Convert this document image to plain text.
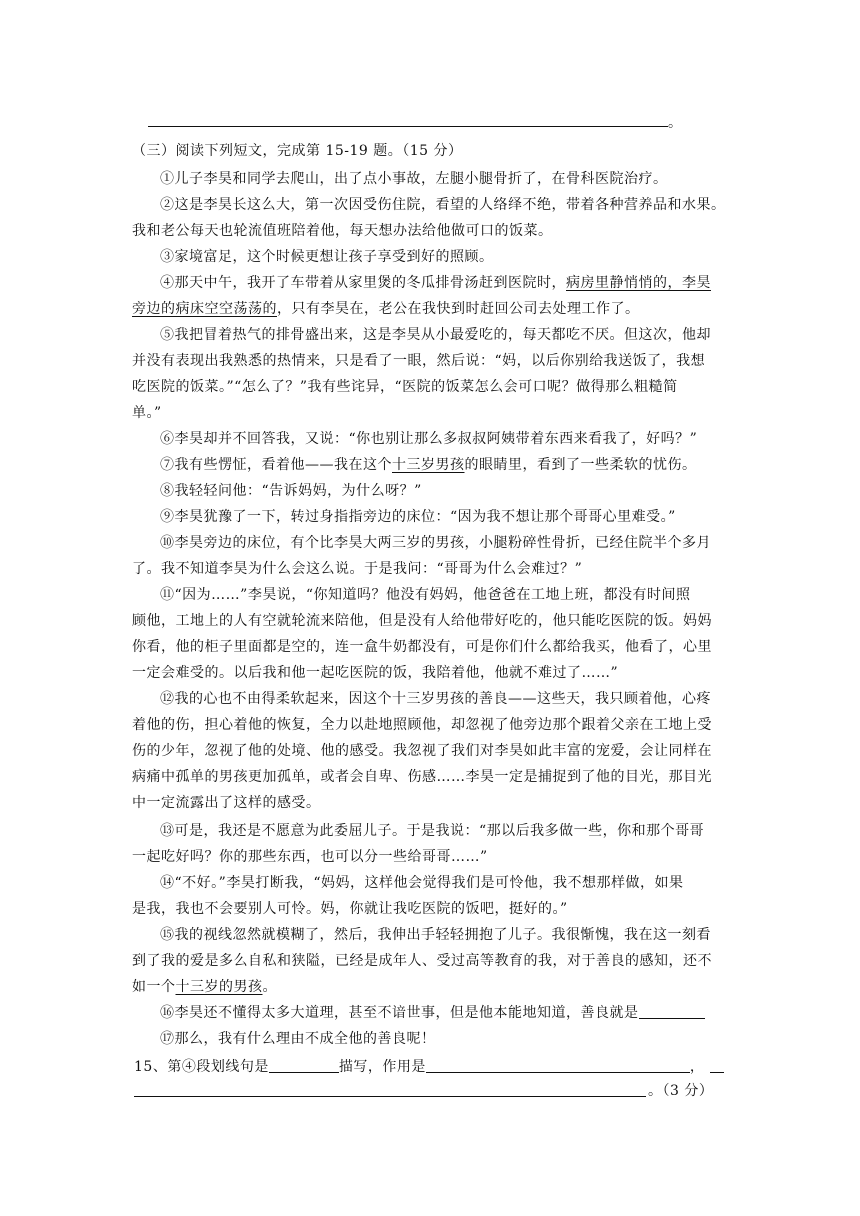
。
（三）阅读下列短文，完成第 15-19 题。（15 分）
①儿子李昊和同学去爬山，出了点小事故，左腿小腿骨折了，在骨科医院治疗。
②这是李昊长这么大，第一次因受伤住院，看望的人络绎不绝，带着各种营养品和水果。
我和老公每天也轮流值班陪着他，每天想办法给他做可口的饭菜。
③家境富足，这个时候更想让孩子享受到好的照顾。
④那天中午，我开了车带着从家里煲的冬瓜排骨汤赶到医院时，病房里静悄悄的，李昊
旁边的病床空空荡荡的，只有李昊在，老公在我快到时赶回公司去处理工作了。
⑤我把冒着热气的排骨盛出来，这是李昊从小最爱吃的，每天都吃不厌。但这次，他却
并没有表现出我熟悉的热情来，只是看了一眼，然后说：“妈，以后你别给我送饭了，我想
吃医院的饭菜。”“怎么了？”我有些诧异，“医院的饭菜怎么会可口呢？做得那么粗糙简
单。”
⑥李昊却并不回答我，又说：“你也别让那么多叔叔阿姨带着东西来看我了，好吗？”
⑦我有些愣怔，看着他——我在这个十三岁男孩的眼睛里，看到了一些柔软的忧伤。
⑧我轻轻问他：“告诉妈妈，为什么呀？”
⑨李昊犹豫了一下，转过身指指旁边的床位：“因为我不想让那个哥哥心里难受。”
⑩李昊旁边的床位，有个比李昊大两三岁的男孩，小腿粉碎性骨折，已经住院半个多月
了。我不知道李昊为什么会这么说。于是我问：“哥哥为什么会难过？”
⑪“因为……”李昊说，“你知道吗？他没有妈妈，他爸爸在工地上班，都没有时间照
顾他，工地上的人有空就轮流来陪他，但是没有人给他带好吃的，他只能吃医院的饭。妈妈
你看，他的柜子里面都是空的，连一盒牛奶都没有，可是你们什么都给我买，他看了，心里
一定会难受的。以后我和他一起吃医院的饭，我陪着他，他就不难过了……”
⑫我的心也不由得柔软起来，因这个十三岁男孩的善良——这些天，我只顾着他，心疼
着他的伤，担心着他的恢复，全力以赴地照顾他，却忽视了他旁边那个跟着父亲在工地上受
伤的少年，忽视了他的处境、他的感受。我忽视了我们对李昊如此丰富的宠爱，会让同样在
病痛中孤单的男孩更加孤单，或者会自卑、伤感……李昊一定是捕捉到了他的目光，那目光
中一定流露出了这样的感受。
⑬可是，我还是不愿意为此委屈儿子。于是我说：“那以后我多做一些，你和那个哥哥
一起吃好吗？你的那些东西，也可以分一些给哥哥……”
⑭“不好。”李昊打断我，“妈妈，这样他会觉得我们是可怜他，我不想那样做，如果
是我，我也不会要别人可怜。妈，你就让我吃医院的饭吧，挺好的。”
⑮我的视线忽然就模糊了，然后，我伸出手轻轻拥抱了儿子。我很惭愧，我在这一刻看
到了我的爱是多么自私和狭隘，已经是成年人、受过高等教育的我，对于善良的感知，还不
如一个十三岁的男孩。
⑯李昊还不懂得太多大道理，甚至不谙世事，但是他本能地知道，善良就是
⑰那么，我有什么理由不成全他的善良呢！
15、第④段划线句是	描写，作用是	，
。（3 分）
